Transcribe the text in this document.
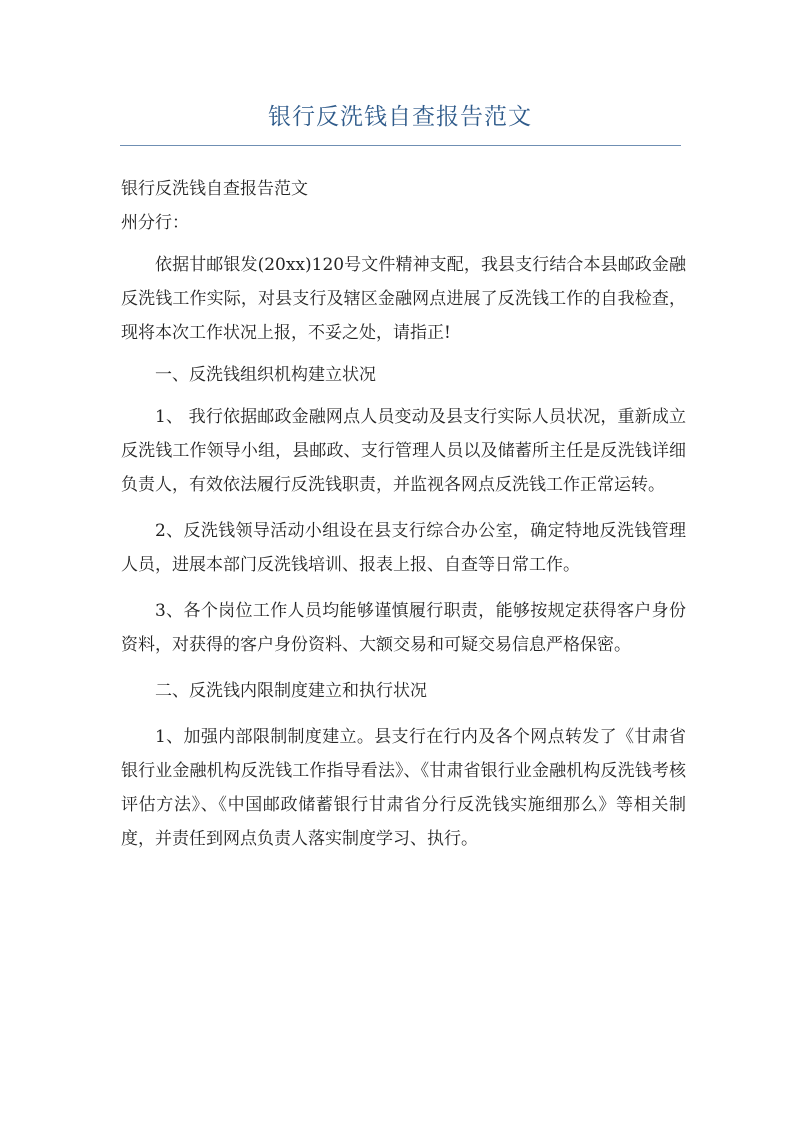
银行反洗钱自查报告范文

银行反洗钱自查报告范文

州分行：

依据甘邮银发(20xx)120号文件精神支配，我县支行结合本县邮政金融反洗钱工作实际，对县支行及辖区金融网点进展了反洗钱工作的自我检查，现将本次工作状况上报，不妥之处，请指正!

一、反洗钱组织机构建立状况

1、 我行依据邮政金融网点人员变动及县支行实际人员状况，重新成立反洗钱工作领导小组，县邮政、支行管理人员以及储蓄所主任是反洗钱详细负责人，有效依法履行反洗钱职责，并监视各网点反洗钱工作正常运转。

2、反洗钱领导活动小组设在县支行综合办公室，确定特地反洗钱管理人员，进展本部门反洗钱培训、报表上报、自查等日常工作。

3、各个岗位工作人员均能够谨慎履行职责，能够按规定获得客户身份资料，对获得的客户身份资料、大额交易和可疑交易信息严格保密。

二、反洗钱内限制度建立和执行状况

1、加强内部限制制度建立。县支行在行内及各个网点转发了《甘肃省银行业金融机构反洗钱工作指导看法》、《甘肃省银行业金融机构反洗钱考核评估方法》、《中国邮政储蓄银行甘肃省分行反洗钱实施细那么》等相关制度，并责任到网点负责人落实制度学习、执行。
